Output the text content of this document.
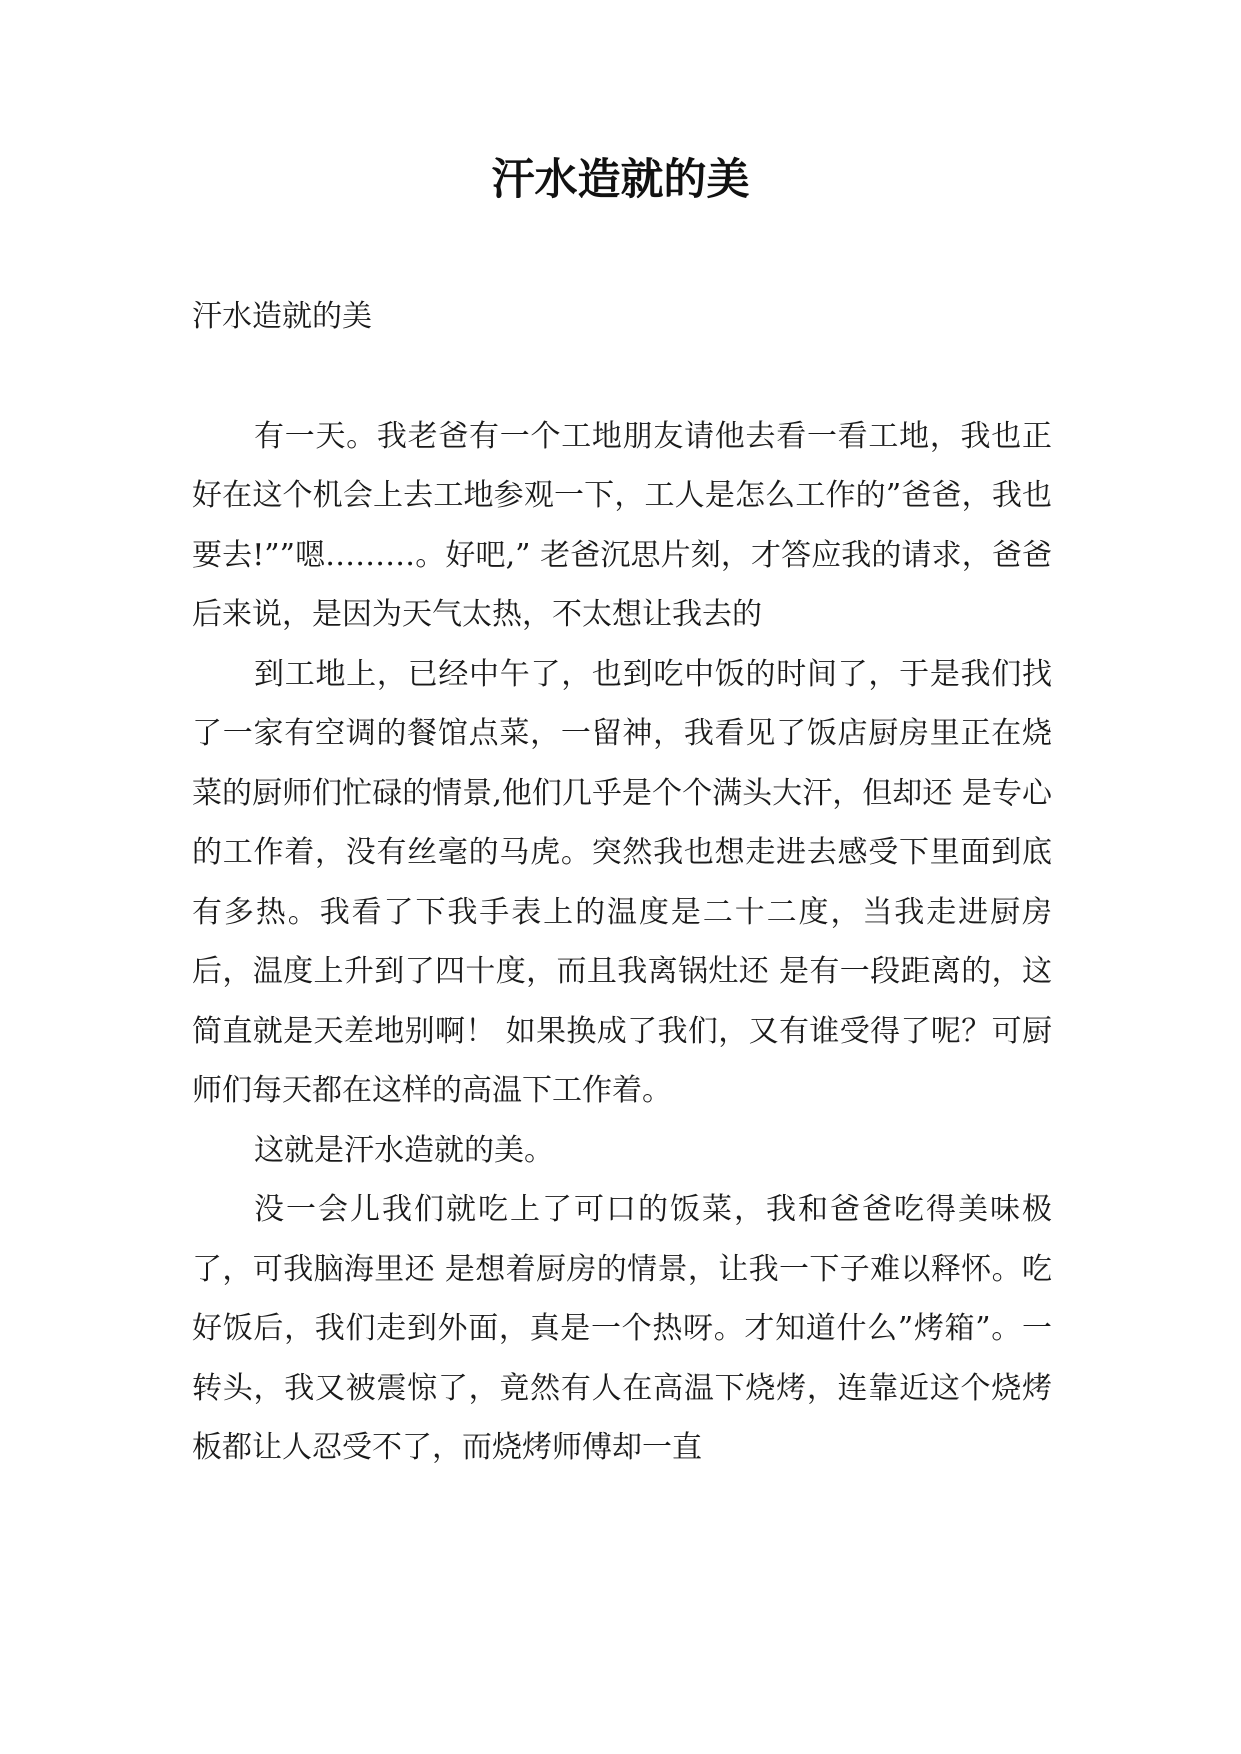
汗水造就的美

汗水造就的美

有一天。我老爸有一个工地朋友请他去看一看工地，我也正好在这个机会上去工地参观一下，工人是怎么工作的”爸爸，我也要去!””嗯………。好吧,” 老爸沉思片刻，才答应我的请求，爸爸后来说，是因为天气太热，不太想让我去的

到工地上，已经中午了，也到吃中饭的时间了，于是我们找了一家有空调的餐馆点菜，一留神，我看见了饭店厨房里正在烧菜的厨师们忙碌的情景,他们几乎是个个满头大汗，但却还 是专心的工作着，没有丝毫的马虎。突然我也想走进去感受下里面到底有多热。我看了下我手表上的温度是二十二度，当我走进厨房后，温度上升到了四十度，而且我离锅灶还 是有一段距离的，这简直就是天差地别啊！ 如果换成了我们，又有谁受得了呢？可厨师们每天都在这样的高温下工作着。

这就是汗水造就的美。

没一会儿我们就吃上了可口的饭菜，我和爸爸吃得美味极了，可我脑海里还 是想着厨房的情景，让我一下子难以释怀。吃好饭后，我们走到外面，真是一个热呀。才知道什么”烤箱”。一转头，我又被震惊了，竟然有人在高温下烧烤，连靠近这个烧烤板都让人忍受不了，而烧烤师傅却一直
